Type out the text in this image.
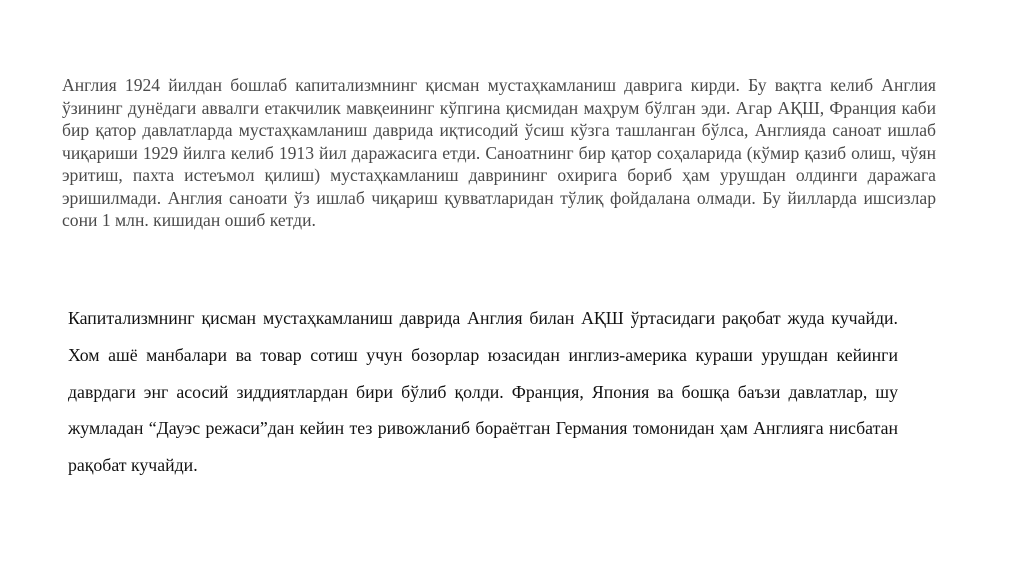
Англия 1924 йилдан бошлаб капитализмнинг қисман мустаҳкамланиш даврига кирди. Бу вақтга келиб Англия ўзининг дунёдаги аввалги етакчилик мавқеининг кўпгина қисмидан маҳрум бўлган эди. Агар АҚШ, Франция каби бир қатор давлатларда мустаҳкамланиш даврида иқтисодий ўсиш кўзга ташланган бўлса, Англияда саноат ишлаб чиқариши 1929 йилга келиб 1913 йил даражасига етди. Саноатнинг бир қатор соҳаларида (кўмир қазиб олиш, чўян эритиш, пахта истеъмол қилиш) мустаҳкамланиш даврининг охирига бориб ҳам урушдан олдинги даражага эришилмади. Англия саноати ўз ишлаб чиқариш қувватларидан тўлиқ фойдалана олмади. Бу йилларда ишсизлар сони 1 млн. кишидан ошиб кетди.

Капитализмнинг қисман мустаҳкамланиш даврида Англия билан АҚШ ўртасидаги рақобат жуда кучайди. Хом ашё манбалари ва товар сотиш учун бозорлар юзасидан инглиз-америка кураши урушдан кейинги даврдаги энг асосий зиддиятлардан бири бўлиб қолди. Франция, Япония ва бошқа баъзи давлатлар, шу жумладан “Дауэс режаси”дан кейин тез ривожланиб бораётган Германия томонидан ҳам Англияга нисбатан рақобат кучайди.
